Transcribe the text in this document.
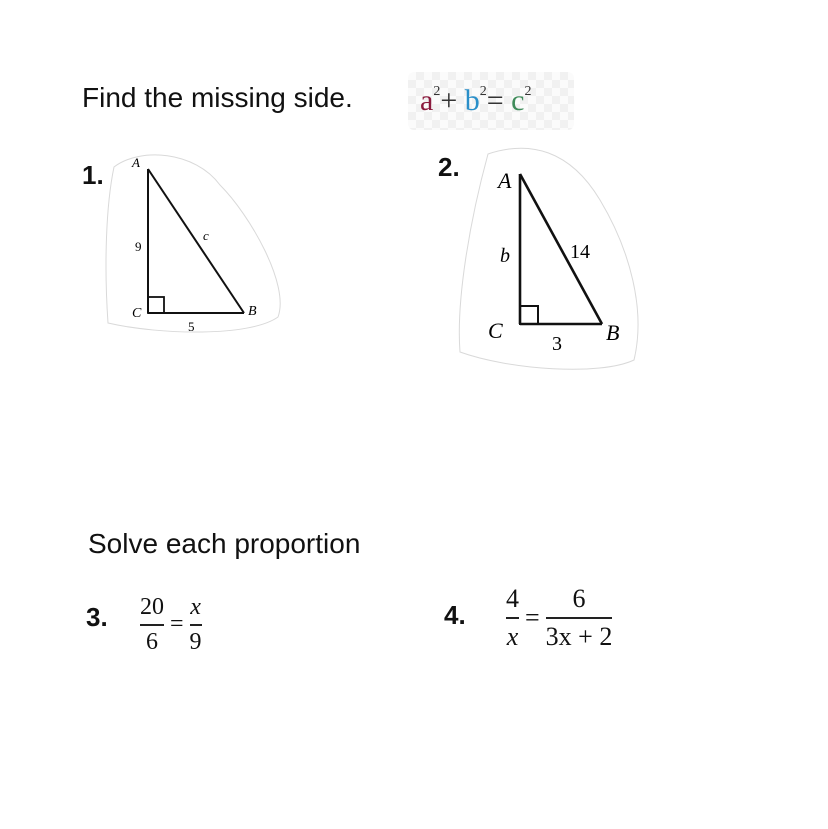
Find the missing side. $a^2+ b^2= c^2$
1. A
C	B
9
5
c
2. A
C	B
b
3
14
Solve each proportion
3. $\frac{20}{6} = \frac{x}{9}$	4. $\frac{4}{x} = \frac{6}{3x + 2}$
